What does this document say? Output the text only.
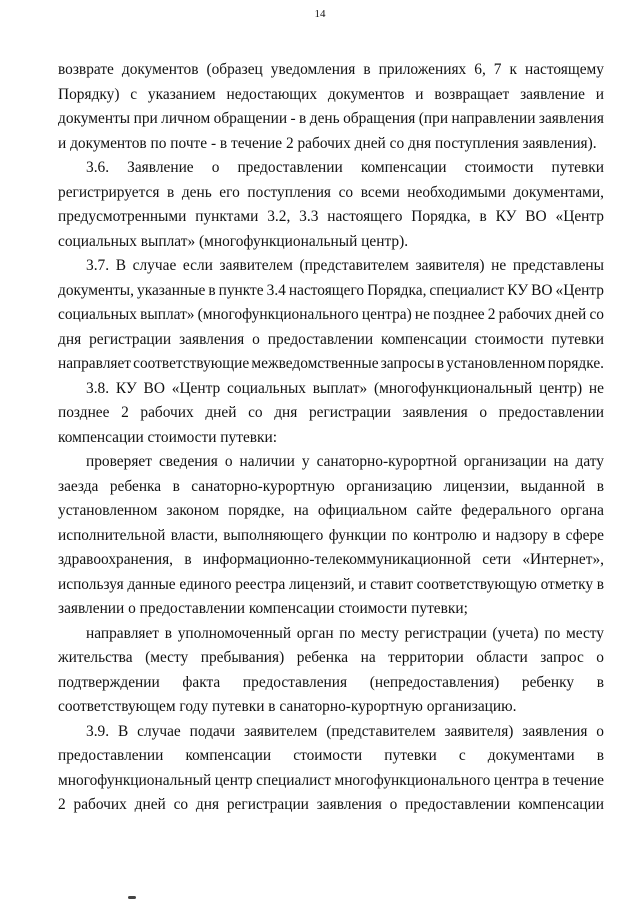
14
возврате документов (образец уведомления в приложениях 6, 7 к настоящему
Порядку) с указанием недостающих документов и возвращает заявление и
документы при личном обращении - в день обращения (при направлении заявления
и документов по почте - в течение 2 рабочих дней со дня поступления заявления).
3.6. Заявление о предоставлении компенсации стоимости путевки
регистрируется в день его поступления со всеми необходимыми документами,
предусмотренными пунктами 3.2, 3.3 настоящего Порядка, в КУ ВО «Центр
социальных выплат» (многофункциональный центр).
3.7. В случае если заявителем (представителем заявителя) не представлены
документы, указанные в пункте 3.4 настоящего Порядка, специалист КУ ВО «Центр
социальных выплат» (многофункционального центра) не позднее 2 рабочих дней со
дня регистрации заявления о предоставлении компенсации стоимости путевки
направляет соответствующие межведомственные запросы в установленном порядке.
3.8. КУ ВО «Центр социальных выплат» (многофункциональный центр) не
позднее 2 рабочих дней со дня регистрации заявления о предоставлении
компенсации стоимости путевки:
проверяет сведения о наличии у санаторно-курортной организации на дату
заезда ребенка в санаторно-курортную организацию лицензии, выданной в
установленном законом порядке, на официальном сайте федерального органа
исполнительной власти, выполняющего функции по контролю и надзору в сфере
здравоохранения, в информационно-телекоммуникационной сети «Интернет»,
используя данные единого реестра лицензий, и ставит соответствующую отметку в
заявлении о предоставлении компенсации стоимости путевки;
направляет в уполномоченный орган по месту регистрации (учета) по месту
жительства (месту пребывания) ребенка на территории области запрос о
подтверждении факта предоставления (непредоставления) ребенку в
соответствующем году путевки в санаторно-курортную организацию.
3.9. В случае подачи заявителем (представителем заявителя) заявления о
предоставлении компенсации стоимости путевки с документами в
многофункциональный центр специалист многофункционального центра в течение
2 рабочих дней со дня регистрации заявления о предоставлении компенсации
